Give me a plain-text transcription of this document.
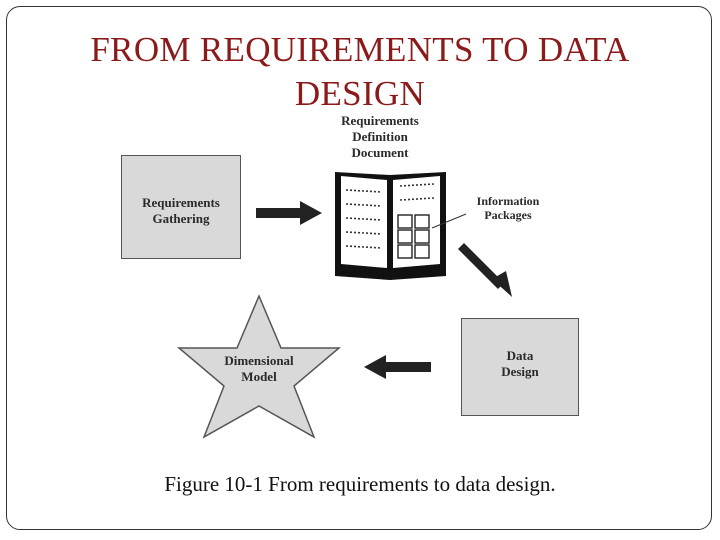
FROM REQUIREMENTS TO DATA

DESIGN
Requirements
Gathering
Requirements
Definition
Document
Information
Packages
Data
Design
Dimensional
Model
Figure 10-1 From requirements to data design.
